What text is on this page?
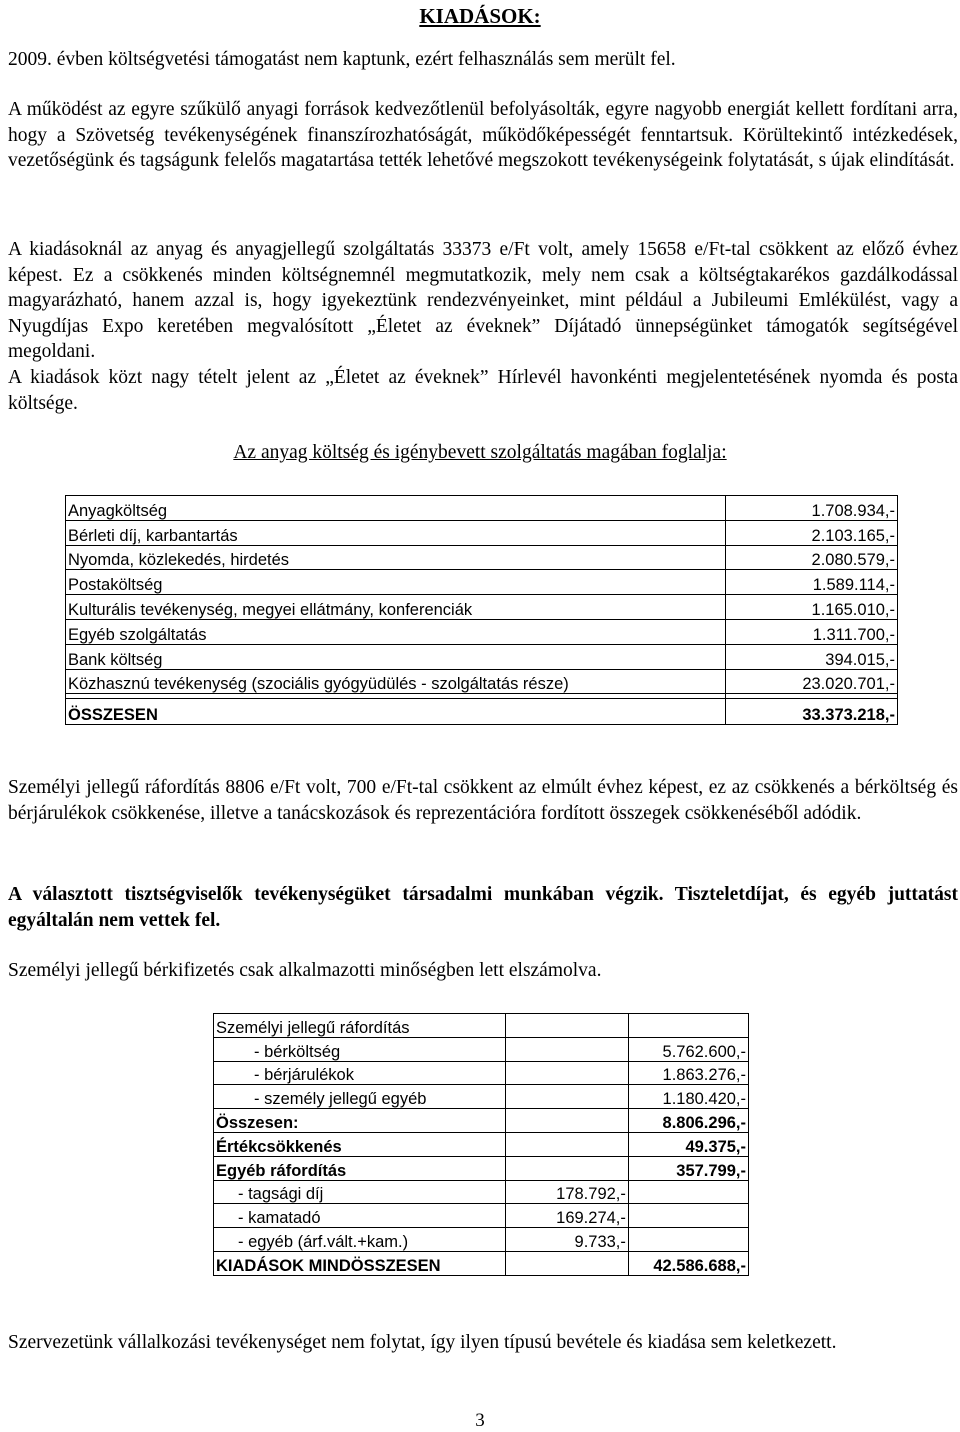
KIADÁSOK:

2009. évben költségvetési támogatást nem kaptunk, ezért felhasználás sem merült fel.

A működést az egyre szűkülő anyagi források kedvezőtlenül befolyásolták, egyre nagyobb energiát kellett fordítani arra, hogy a Szövetség tevékenységének finanszírozhatóságát, működőképességét fenntartsuk. Körültekintő intézkedések, vezetőségünk és tagságunk felelős magatartása tették lehetővé megszokott tevékenységeink folytatását, s újak elindítását.

A kiadásoknál az anyag és anyagjellegű szolgáltatás 33373 e/Ft volt, amely 15658 e/Ft-tal csökkent az előző évhez képest. Ez a csökkenés minden költségnemnél megmutatkozik, mely nem csak a költségtakarékos gazdálkodással magyarázható, hanem azzal is, hogy igyekeztünk rendezvényeinket, mint például a Jubileumi Emlékülést, vagy a Nyugdíjas Expo keretében megvalósított „Életet az éveknek” Díjátadó ünnepségünket támogatók segítségével megoldani.

A kiadások közt nagy tételt jelent az „Életet az éveknek” Hírlevél havonkénti megjelentetésének nyomda és posta költsége.

Az anyag költség és igénybevett szolgáltatás magában foglalja:
Anyagköltség	1.708.934,-
Bérleti díj, karbantartás	2.103.165,-
Nyomda, közlekedés, hirdetés	2.080.579,-
Postaköltség	1.589.114,-
Kulturális tevékenység, megyei ellátmány, konferenciák	1.165.010,-
Egyéb szolgáltatás	1.311.700,-
Bank költség	394.015,-
Közhasznú tevékenység (szociális gyógyüdülés - szolgáltatás része)	23.020.701,-

ÖSSZESEN	33.373.218,-

Személyi jellegű ráfordítás 8806 e/Ft volt, 700 e/Ft-tal csökkent az elmúlt évhez képest, ez az csökkenés a bérköltség és bérjárulékok csökkenése, illetve a tanácskozások és reprezentációra fordított összegek csökkenéséből adódik.

A választott tisztségviselők tevékenységüket társadalmi munkában végzik. Tiszteletdíjat, és egyéb juttatást egyáltalán nem vettek fel.

Személyi jellegű bérkifizetés csak alkalmazotti minőségben lett elszámolva.

Személyi jellegű ráfordítás		
- bérköltség		5.762.600,-
- bérjárulékok		1.863.276,-
- személy jellegű egyéb		1.180.420,-
Összesen:		8.806.296,-
Értékcsökkenés		49.375,-
Egyéb ráfordítás		357.799,-
- tagsági díj	178.792,-	
- kamatadó	169.274,-	
- egyéb (árf.vált.+kam.)	9.733,-	
KIADÁSOK MINDÖSSZESEN		42.586.688,-

Szervezetünk vállalkozási tevékenységet nem folytat, így ilyen típusú bevétele és kiadása sem keletkezett.

3
